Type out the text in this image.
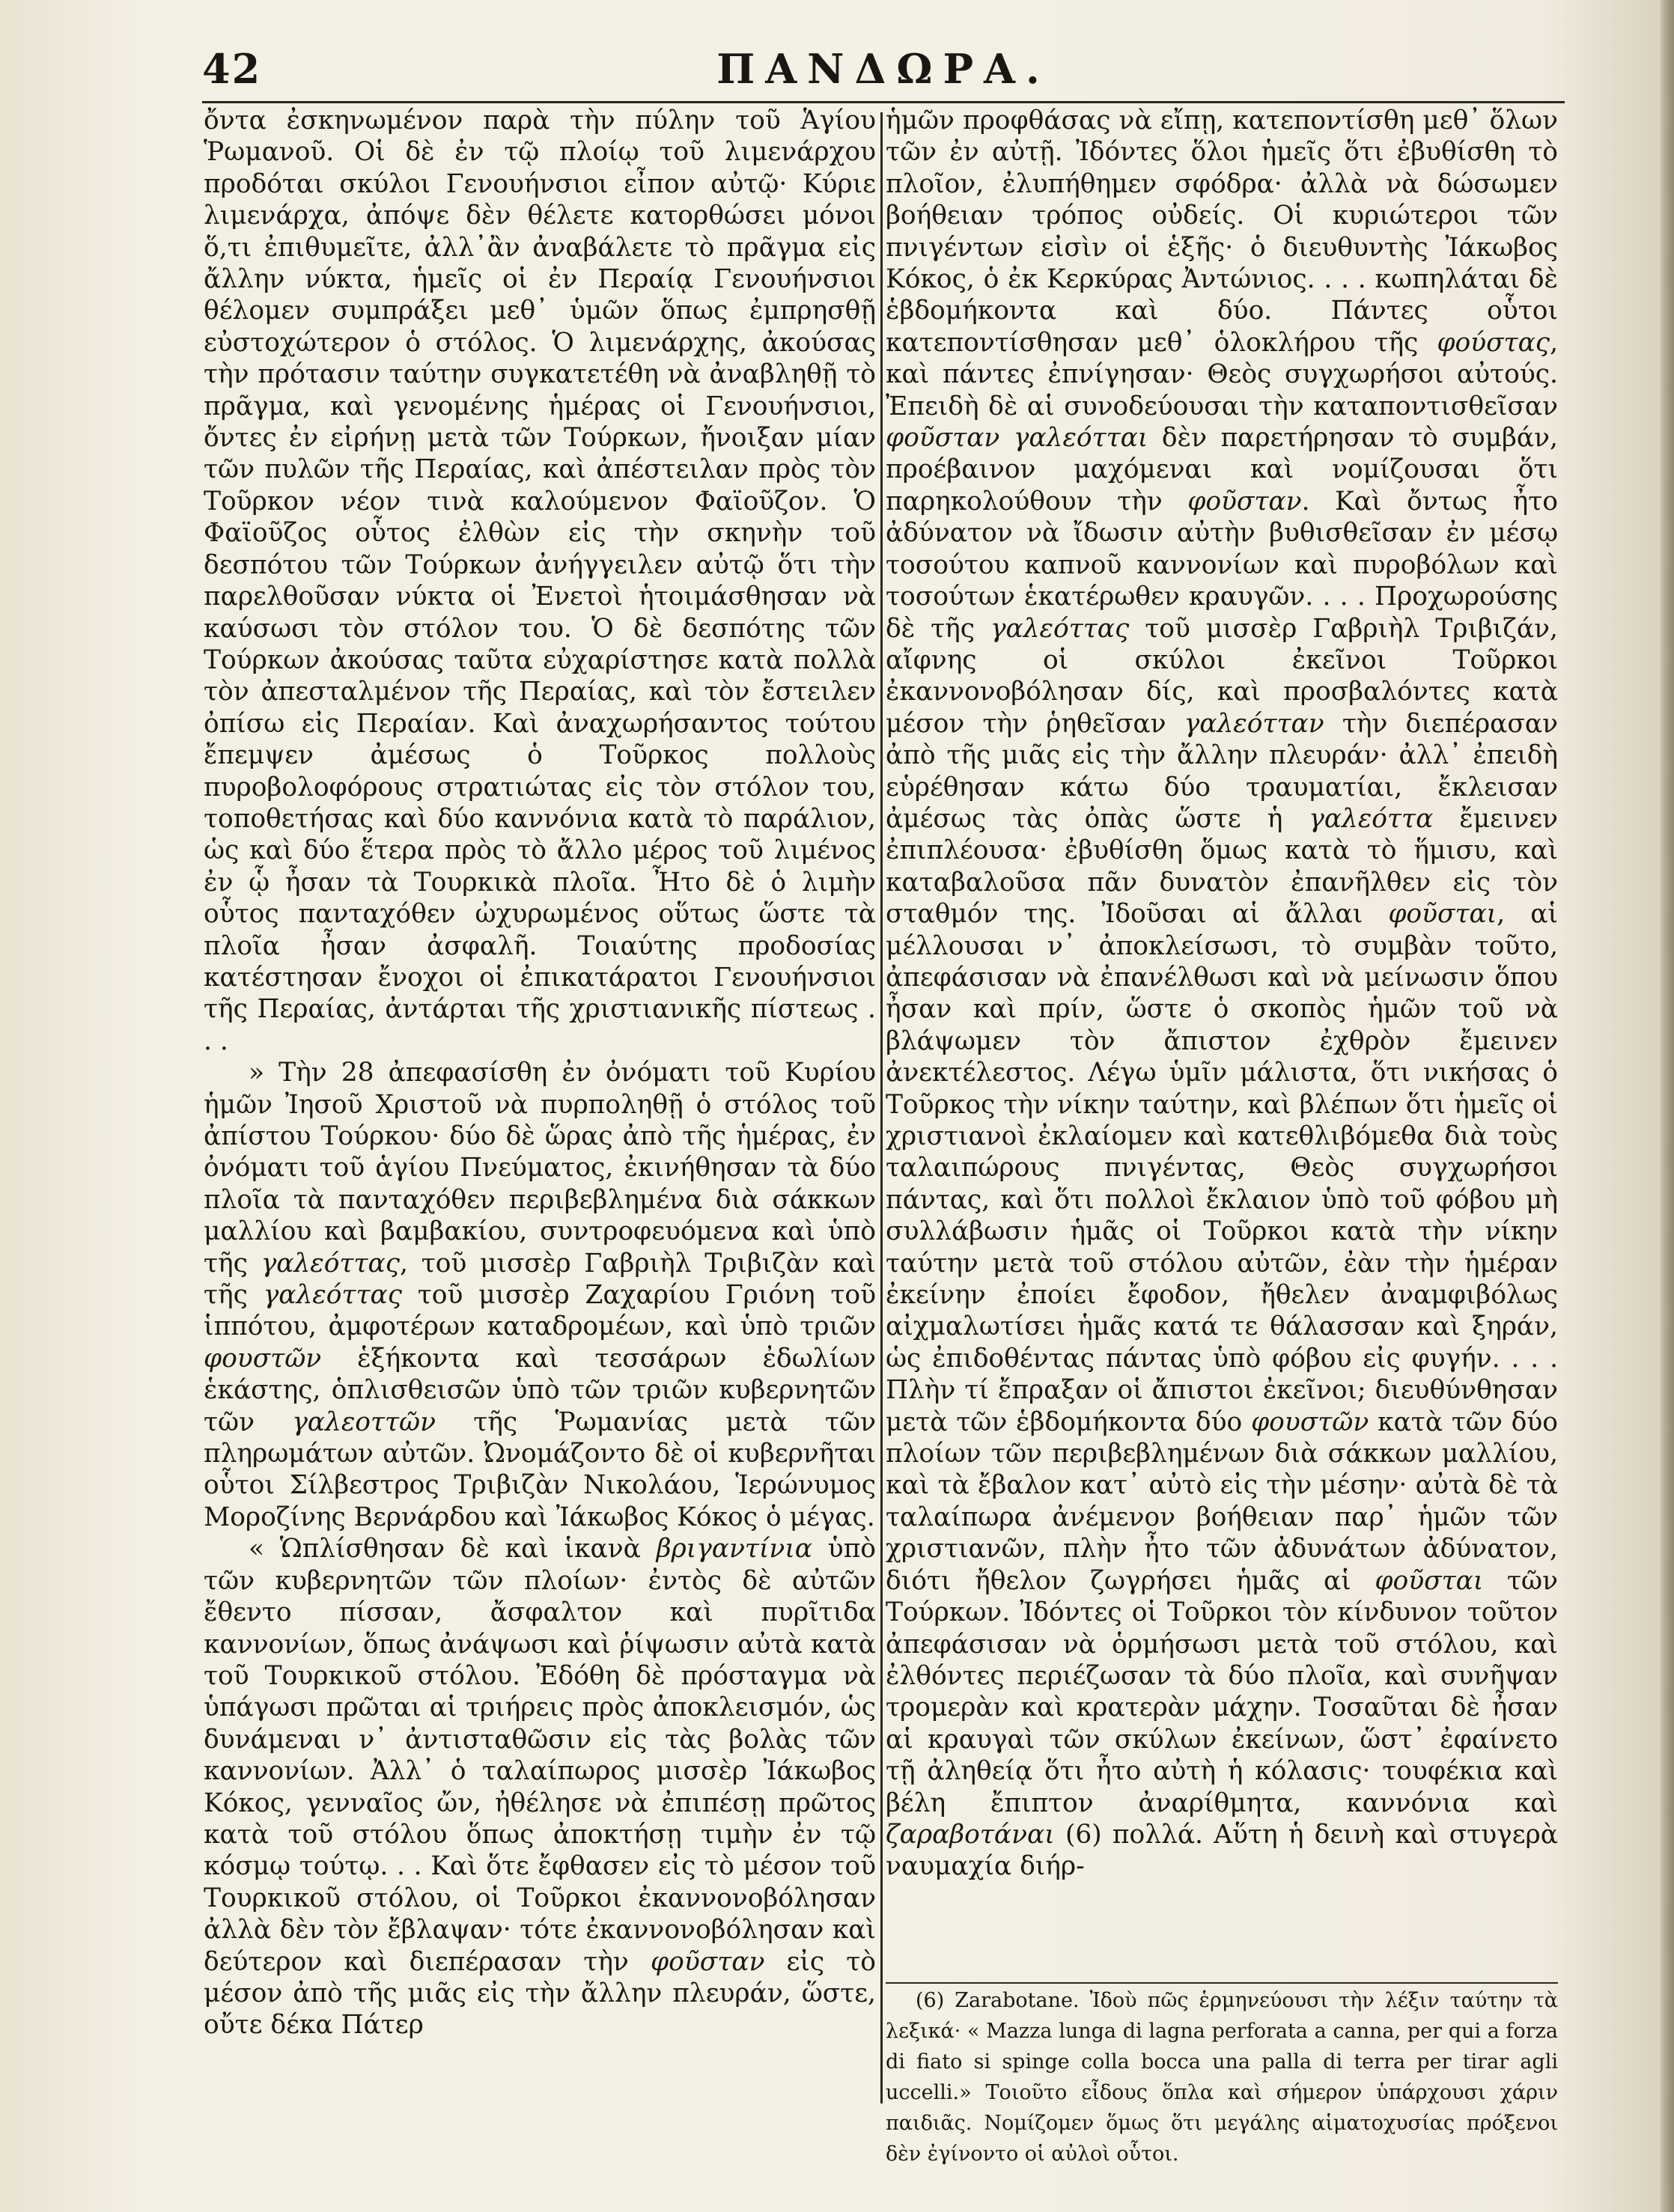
42	ΠΑΝΔΩΡΑ.

ὄντα ἐσκηνωμένον παρὰ τὴν πύλην τοῦ Ἁγίου Ῥωμανοῦ. Οἱ δὲ ἐν τῷ πλοίῳ τοῦ λιμενάρχου προδόται σκύλοι Γενουήνσιοι εἶπον αὐτῷ· Κύριε λιμενάρχα, ἀπόψε δὲν θέλετε κατορθώσει μόνοι ὅ,τι ἐπιθυμεῖτε, ἀλλ᾽ἂν ἀναβάλετε τὸ πρᾶγμα εἰς ἄλλην νύκτα, ἡμεῖς οἱ ἐν Περαίᾳ Γενουήνσιοι θέλομεν συμπράξει μεθ᾽ ὑμῶν ὅπως ἐμπρησθῇ εὐστοχώτερον ὁ στόλος. Ὁ λιμενάρχης, ἀκούσας τὴν πρότασιν ταύτην συγκατετέθη νὰ ἀναβληθῇ τὸ πρᾶγμα, καὶ γενομένης ἡμέρας οἱ Γενουήνσιοι, ὄντες ἐν εἰρήνῃ μετὰ τῶν Τούρκων, ἤνοιξαν μίαν τῶν πυλῶν τῆς Περαίας, καὶ ἀπέστειλαν πρὸς τὸν Τοῦρκον νέον τινὰ καλούμενον Φαϊοῦζον. Ὁ Φαϊοῦζος οὗτος ἐλθὼν εἰς τὴν σκηνὴν τοῦ δεσπότου τῶν Τούρκων ἀνήγγειλεν αὐτῷ ὅτι τὴν παρελθοῦσαν νύκτα οἱ Ἐνετοὶ ἡτοιμάσθησαν νὰ καύσωσι τὸν στόλον του. Ὁ δὲ δεσπότης τῶν Τούρκων ἀκούσας ταῦτα εὐχαρίστησε κατὰ πολλὰ τὸν ἀπεσταλμένον τῆς Περαίας, καὶ τὸν ἔστειλεν ὀπίσω εἰς Περαίαν. Καὶ ἀναχωρήσαντος τούτου ἔπεμψεν ἀμέσως ὁ Τοῦρκος πολλοὺς πυροβολοφόρους στρατιώτας εἰς τὸν στόλον του, τοποθετήσας καὶ δύο καννόνια κατὰ τὸ παράλιον, ὡς καὶ δύο ἕτερα πρὸς τὸ ἄλλο μέρος τοῦ λιμένος ἐν ᾧ ἦσαν τὰ Τουρκικὰ πλοῖα. Ἦτο δὲ ὁ λιμὴν οὗτος πανταχόθεν ὠχυρωμένος οὕτως ὥστε τὰ πλοῖα ἦσαν ἀσφαλῆ. Τοιαύτης προδοσίας κατέστησαν ἔνοχοι οἱ ἐπικατάρατοι Γενουήνσιοι τῆς Περαίας, ἀντάρται τῆς χριστιανικῆς πίστεως . . .

» Τὴν 28 ἀπεφασίσθη ἐν ὀνόματι τοῦ Κυρίου ἡμῶν Ἰησοῦ Χριστοῦ νὰ πυρποληθῇ ὁ στόλος τοῦ ἀπίστου Τούρκου· δύο δὲ ὥρας ἀπὸ τῆς ἡμέρας, ἐν ὀνόματι τοῦ ἁγίου Πνεύματος, ἐκινήθησαν τὰ δύο πλοῖα τὰ πανταχόθεν περιβεβλημένα διὰ σάκκων μαλλίου καὶ βαμβακίου, συντροφευόμενα καὶ ὑπὸ τῆς γαλεόττας, τοῦ μισσὲρ Γαβριὴλ Τριβιζὰν καὶ τῆς γαλεόττας τοῦ μισσὲρ Ζαχαρίου Γριόνη τοῦ ἱππότου, ἀμφοτέρων καταδρομέων, καὶ ὑπὸ τριῶν φουστῶν ἑξήκοντα καὶ τεσσάρων ἐδωλίων ἑκάστης, ὁπλισθεισῶν ὑπὸ τῶν τριῶν κυβερνητῶν τῶν γαλεοττῶν τῆς Ῥωμανίας μετὰ τῶν πληρωμάτων αὐτῶν. Ὠνομάζοντο δὲ οἱ κυβερνῆται οὗτοι Σίλβεστρος Τριβιζὰν Νικολάου, Ἱερώνυμος Μοροζίνης Βερνάρδου καὶ Ἰάκωβος Κόκος ὁ μέγας.

« Ὡπλίσθησαν δὲ καὶ ἱκανὰ βριγαντίνια ὑπὸ τῶν κυβερνητῶν τῶν πλοίων· ἐντὸς δὲ αὐτῶν ἔθεντο πίσσαν, ἄσφαλτον καὶ πυρῖτιδα καννονίων, ὅπως ἀνάψωσι καὶ ῥίψωσιν αὐτὰ κατὰ τοῦ Τουρκικοῦ στόλου. Ἐδόθη δὲ πρόσταγμα νὰ ὑπάγωσι πρῶται αἱ τριήρεις πρὸς ἀποκλεισμόν, ὡς δυνάμεναι ν᾽ ἀντισταθῶσιν εἰς τὰς βολὰς τῶν καννονίων. Ἀλλ᾽ ὁ ταλαίπωρος μισσὲρ Ἰάκωβος Κόκος, γενναῖος ὤν, ἠθέλησε νὰ ἐπιπέσῃ πρῶτος κατὰ τοῦ στόλου ὅπως ἀποκτήσῃ τιμὴν ἐν τῷ κόσμῳ τούτῳ. . . Καὶ ὅτε ἔφθασεν εἰς τὸ μέσον τοῦ Τουρκικοῦ στόλου, οἱ Τοῦρκοι ἐκαννονοβόλησαν ἀλλὰ δὲν τὸν ἔβλαψαν· τότε ἐκαννονοβόλησαν καὶ δεύτερον καὶ διεπέρασαν τὴν φοῦσταν εἰς τὸ μέσον ἀπὸ τῆς μιᾶς εἰς τὴν ἄλλην πλευράν, ὥστε, οὔτε δέκα Πάτερ

ἡμῶν προφθάσας νὰ εἴπῃ, κατεποντίσθη μεθ᾽ ὅλων τῶν ἐν αὐτῇ. Ἰδόντες ὅλοι ἡμεῖς ὅτι ἐβυθίσθη τὸ πλοῖον, ἐλυπήθημεν σφόδρα· ἀλλὰ νὰ δώσωμεν βοήθειαν τρόπος οὐδείς. Οἱ κυριώτεροι τῶν πνιγέντων εἰσὶν οἱ ἑξῆς· ὁ διευθυντὴς Ἰάκωβος Κόκος, ὁ ἐκ Κερκύρας Ἀντώνιος. . . . κωπηλάται δὲ ἑβδομήκοντα καὶ δύο. Πάντες οὗτοι κατεποντίσθησαν μεθ᾽ ὁλοκλήρου τῆς φούστας, καὶ πάντες ἐπνίγησαν· Θεὸς συγχωρήσοι αὐτούς. Ἐπειδὴ δὲ αἱ συνοδεύουσαι τὴν καταποντισθεῖσαν φοῦσταν γαλεότται δὲν παρετήρησαν τὸ συμβάν, προέβαινον μαχόμεναι καὶ νομίζουσαι ὅτι παρηκολούθουν τὴν φοῦσταν. Καὶ ὄντως ἦτο ἀδύνατον νὰ ἴδωσιν αὐτὴν βυθισθεῖσαν ἐν μέσῳ τοσούτου καπνοῦ καννονίων καὶ πυροβόλων καὶ τοσούτων ἑκατέρωθεν κραυγῶν. . . . Προχωρούσης δὲ τῆς γαλεόττας τοῦ μισσὲρ Γαβριὴλ Τριβιζάν, αἴφνης οἱ σκύλοι ἐκεῖνοι Τοῦρκοι ἐκαννονοβόλησαν δίς, καὶ προσβαλόντες κατὰ μέσον τὴν ῥηθεῖσαν γαλεότταν τὴν διεπέρασαν ἀπὸ τῆς μιᾶς εἰς τὴν ἄλλην πλευράν· ἀλλ᾽ ἐπειδὴ εὑρέθησαν κάτω δύο τραυματίαι, ἔκλεισαν ἀμέσως τὰς ὀπὰς ὥστε ἡ γαλεόττα ἔμεινεν ἐπιπλέουσα· ἐβυθίσθη ὅμως κατὰ τὸ ἥμισυ, καὶ καταβαλοῦσα πᾶν δυνατὸν ἐπανῆλθεν εἰς τὸν σταθμόν της. Ἰδοῦσαι αἱ ἄλλαι φοῦσται, αἱ μέλλουσαι ν᾽ ἀποκλείσωσι, τὸ συμβὰν τοῦτο, ἀπεφάσισαν νὰ ἐπανέλθωσι καὶ νὰ μείνωσιν ὅπου ἦσαν καὶ πρίν, ὥστε ὁ σκοπὸς ἡμῶν τοῦ νὰ βλάψωμεν τὸν ἄπιστον ἐχθρὸν ἔμεινεν ἀνεκτέλεστος. Λέγω ὑμῖν μάλιστα, ὅτι νικήσας ὁ Τοῦρκος τὴν νίκην ταύτην, καὶ βλέπων ὅτι ἡμεῖς οἱ χριστιανοὶ ἐκλαίομεν καὶ κατεθλιβόμεθα διὰ τοὺς ταλαιπώρους πνιγέντας, Θεὸς συγχωρήσοι πάντας, καὶ ὅτι πολλοὶ ἔκλαιον ὑπὸ τοῦ φόβου μὴ συλλάβωσιν ἡμᾶς οἱ Τοῦρκοι κατὰ τὴν νίκην ταύτην μετὰ τοῦ στόλου αὐτῶν, ἐὰν τὴν ἡμέραν ἐκείνην ἐποίει ἔφοδον, ἤθελεν ἀναμφιβόλως αἰχμαλωτίσει ἡμᾶς κατά τε θάλασσαν καὶ ξηράν, ὡς ἐπιδοθέντας πάντας ὑπὸ φόβου εἰς φυγήν. . . . Πλὴν τί ἔπραξαν οἱ ἄπιστοι ἐκεῖνοι; διευθύνθησαν μετὰ τῶν ἑβδομήκοντα δύο φουστῶν κατὰ τῶν δύο πλοίων τῶν περιβεβλημένων διὰ σάκκων μαλλίου, καὶ τὰ ἔβαλον κατ᾽ αὐτὸ εἰς τὴν μέσην· αὐτὰ δὲ τὰ ταλαίπωρα ἀνέμενον βοήθειαν παρ᾽ ἡμῶν τῶν χριστιανῶν, πλὴν ἦτο τῶν ἀδυνάτων ἀδύνατον, διότι ἤθελον ζωγρήσει ἡμᾶς αἱ φοῦσται τῶν Τούρκων. Ἰδόντες οἱ Τοῦρκοι τὸν κίνδυνον τοῦτον ἀπεφάσισαν νὰ ὁρμήσωσι μετὰ τοῦ στόλου, καὶ ἐλθόντες περιέζωσαν τὰ δύο πλοῖα, καὶ συνῆψαν τρομερὰν καὶ κρατερὰν μάχην. Τοσαῦται δὲ ἦσαν αἱ κραυγαὶ τῶν σκύλων ἐκείνων, ὥστ᾽ ἐφαίνετο τῇ ἀληθείᾳ ὅτι ἦτο αὐτὴ ἡ κόλασις· τουφέκια καὶ βέλη ἔπιπτον ἀναρίθμητα, καννόνια καὶ ζαραβοτάναι (6) πολλά. Αὕτη ἡ δεινὴ καὶ στυγερὰ ναυμαχία διήρ-

(6) Zarabotane. Ἰδοὺ πῶς ἑρμηνεύουσι τὴν λέξιν ταύτην τὰ λεξικά· « Mazza lunga di lagna perforata a canna, per qui a forza di fiato si spinge colla bocca una palla di terra per tirar agli uccelli.» Τοιοῦτο εἶδους ὅπλα καὶ σήμερον ὑπάρχουσι χάριν παιδιᾶς. Νομίζομεν ὅμως ὅτι μεγάλης αἱματοχυσίας πρόξενοι δὲν ἐγίνοντο οἱ αὐλοὶ οὗτοι.
